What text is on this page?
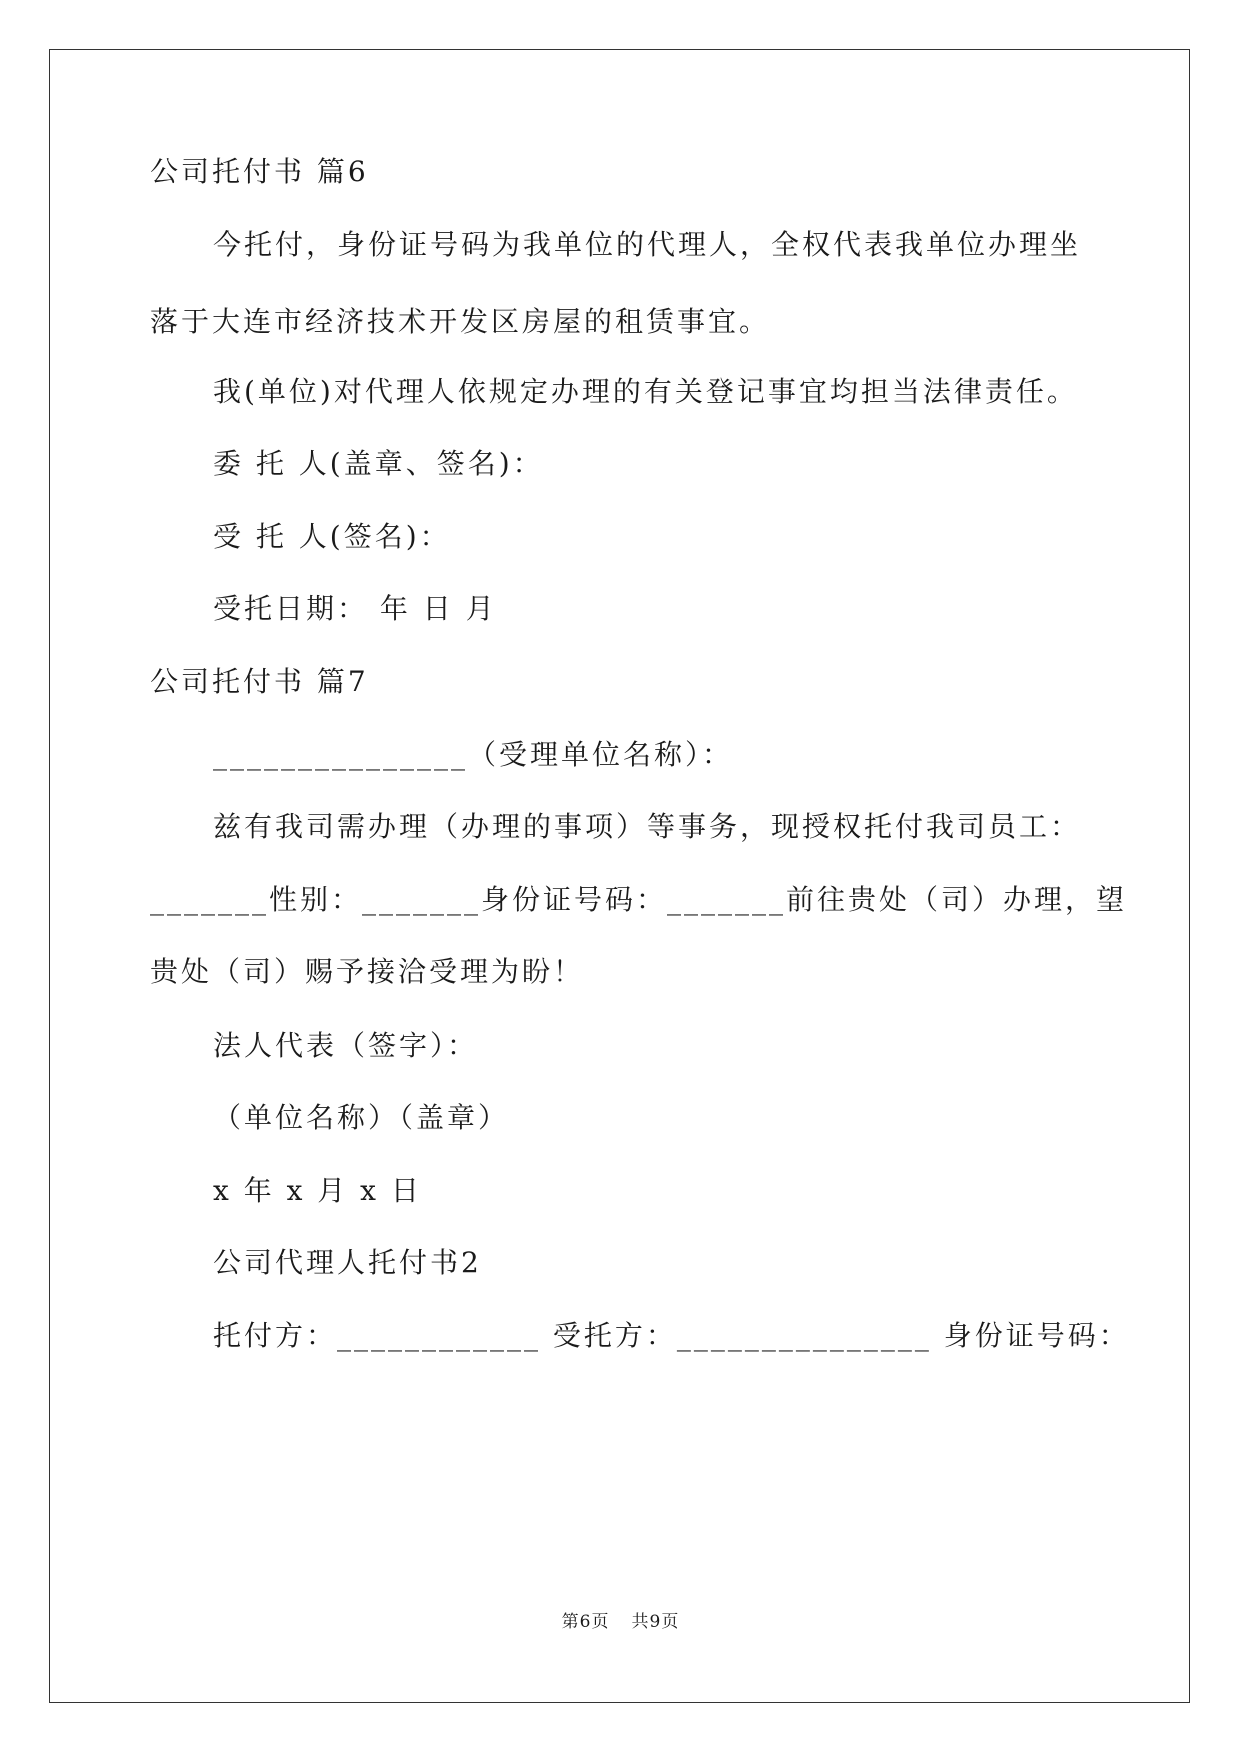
公司托付书 篇6
今托付，身份证号码为我单位的代理人，全权代表我单位办理坐
落于大连市经济技术开发区房屋的租赁事宜。
我(单位)对代理人依规定办理的有关登记事宜均担当法律责任。
委 托 人(盖章、签名)：
受 托 人(签名)：
受托日期： 年 日 月
公司托付书 篇7
_______________（受理单位名称）：
兹有我司需办理（办理的事项）等事务，现授权托付我司员工：
_______性别：_______身份证号码：_______前往贵处（司）办理，望
贵处（司）赐予接洽受理为盼！
法人代表（签字）：
（单位名称）（盖章）
x 年 x 月 x 日
公司代理人托付书2
托付方：____________ 受托方：_______________ 身份证号码：
第6页 共9页
